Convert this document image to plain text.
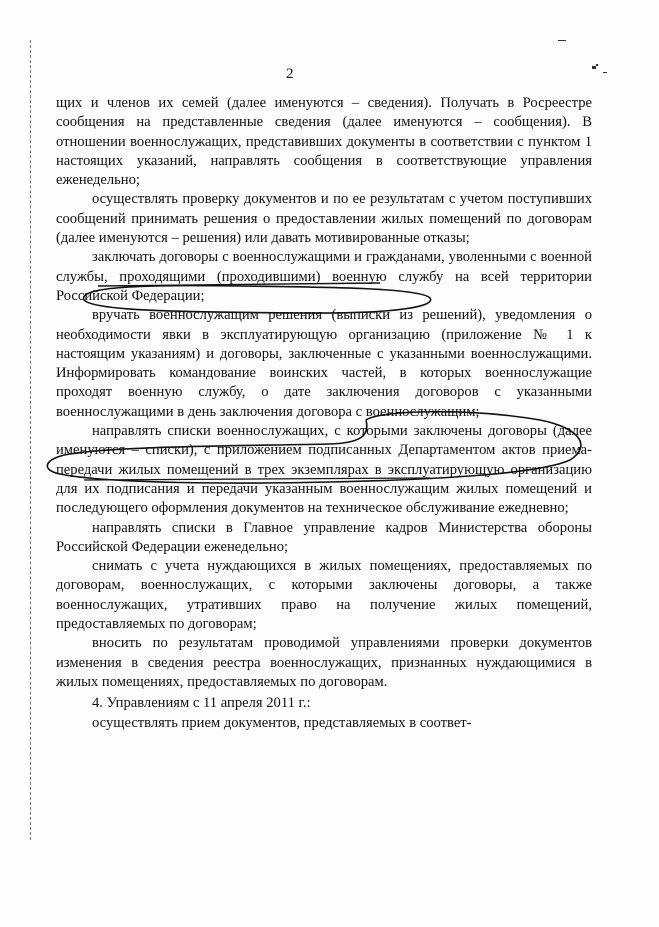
2

щих и членов их семей (далее именуются – сведения). Получать в Росреестре сообщения на представленные сведения (далее именуются – сообщения). В отношении военнослужащих, представивших документы в соответствии с пунктом 1 настоящих указаний, направлять сообщения в соответствующие управления еженедельно;

осуществлять проверку документов и по ее результатам с учетом поступивших сообщений принимать решения о предоставлении жилых помещений по договорам (далее именуются – решения) или давать мотивированные отказы;

заключать договоры с военнослужащими и гражданами, уволенными с военной службы, проходящими (проходившими) военную службу на всей территории Российской Федерации;

вручать военнослужащим решения (выписки из решений), уведомления о необходимости явки в эксплуатирующую организацию (приложение № 1 к настоящим указаниям) и договоры, заключенные с указанными военнослужащими. Информировать командование воинских частей, в которых военнослужащие проходят военную службу, о дате заключения договоров с указанными военнослужащими в день заключения договора с военнослужащим;

направлять списки военнослужащих, с которыми заключены договоры (далее именуются – списки), с приложением подписанных Департаментом актов приема-передачи жилых помещений в трех экземплярах в эксплуатирующую организацию для их подписания и передачи указанным военнослужащим жилых помещений и последующего оформления документов на техническое обслуживание ежедневно;

направлять списки в Главное управление кадров Министерства обороны Российской Федерации еженедельно;

снимать с учета нуждающихся в жилых помещениях, предоставляемых по договорам, военнослужащих, с которыми заключены договоры, а также военнослужащих, утративших право на получение жилых помещений, предоставляемых по договорам;

вносить по результатам проводимой управлениями проверки документов изменения в сведения реестра военнослужащих, признанных нуждающимися в жилых помещениях, предоставляемых по договорам.

4. Управлениям с 11 апреля 2011 г.:

осуществлять прием документов, представляемых в соответ-
